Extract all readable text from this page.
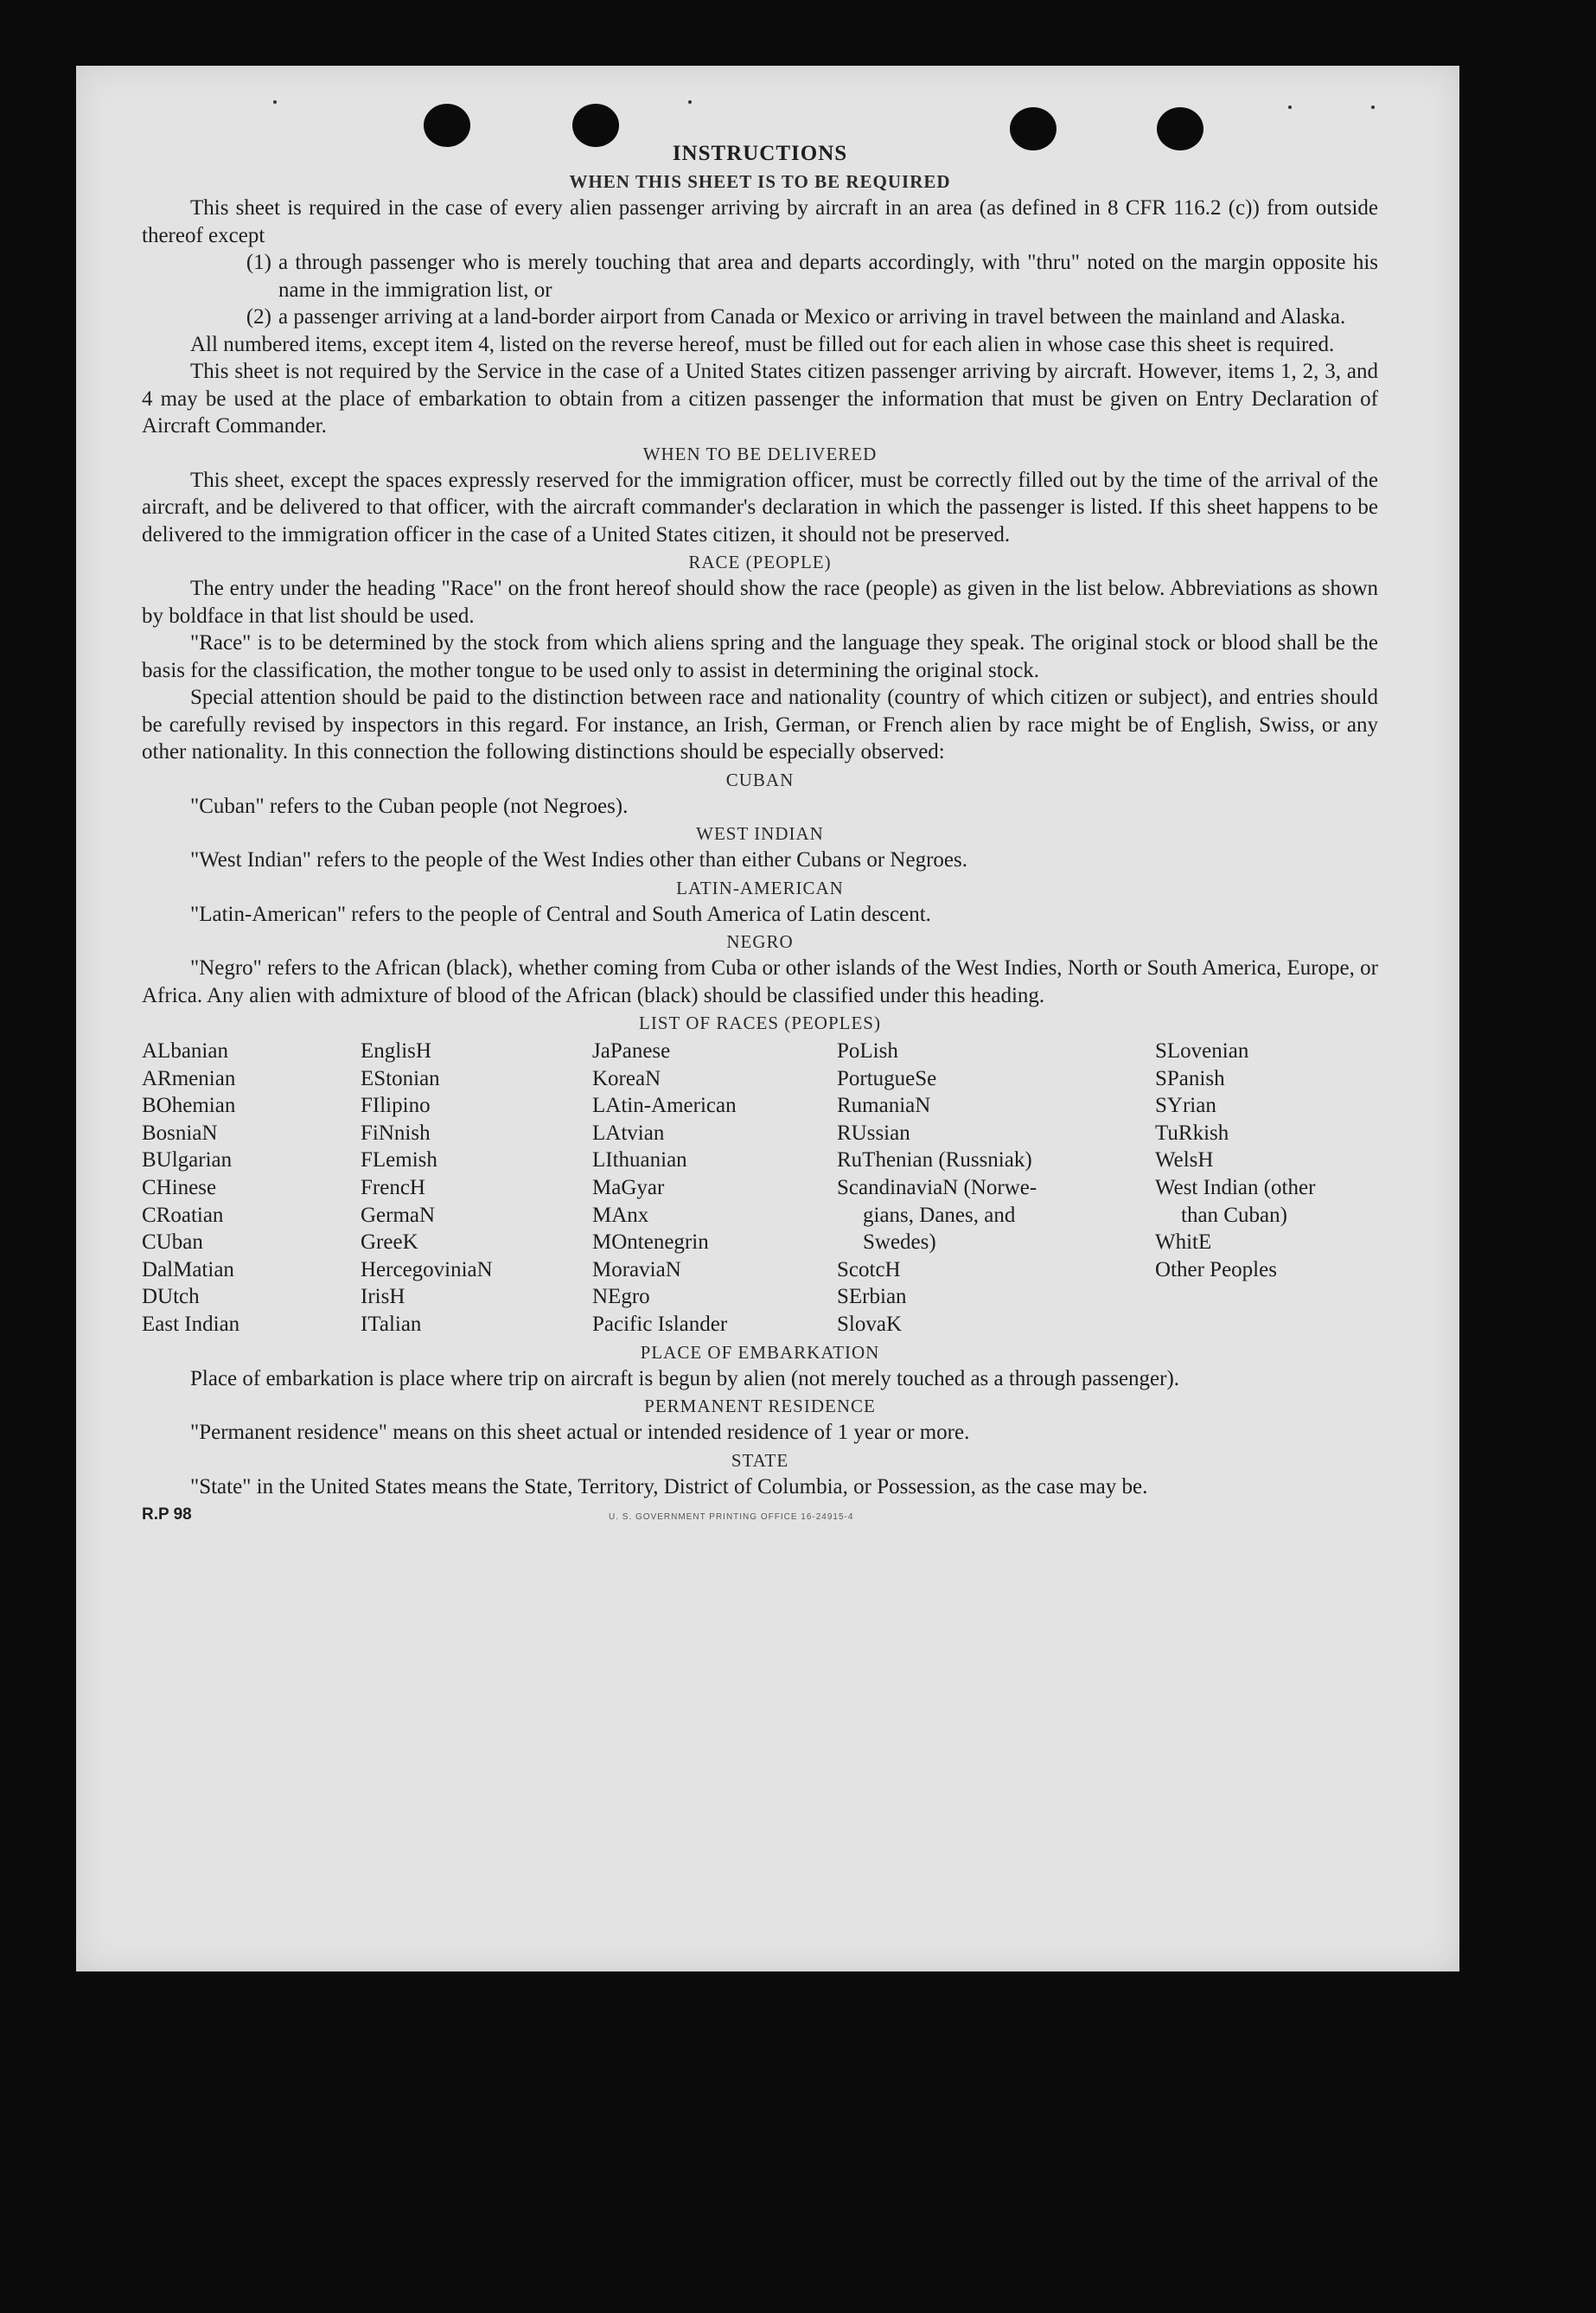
INSTRUCTIONS
WHEN THIS SHEET IS TO BE REQUIRED
This sheet is required in the case of every alien passenger arriving by aircraft in an area (as defined in 8 CFR 116.2 (c)) from outside thereof except
(1) a through passenger who is merely touching that area and departs accordingly, with "thru" noted on the margin opposite his name in the immigration list, or
(2) a passenger arriving at a land-border airport from Canada or Mexico or arriving in travel between the mainland and Alaska.
All numbered items, except item 4, listed on the reverse hereof, must be filled out for each alien in whose case this sheet is required.
This sheet is not required by the Service in the case of a United States citizen passenger arriving by aircraft. However, items 1, 2, 3, and 4 may be used at the place of embarkation to obtain from a citizen passenger the information that must be given on Entry Declaration of Aircraft Commander.
WHEN TO BE DELIVERED
This sheet, except the spaces expressly reserved for the immigration officer, must be correctly filled out by the time of the arrival of the aircraft, and be delivered to that officer, with the aircraft commander's declaration in which the passenger is listed. If this sheet happens to be delivered to the immigration officer in the case of a United States citizen, it should not be preserved.
RACE (PEOPLE)
The entry under the heading "Race" on the front hereof should show the race (people) as given in the list below. Abbreviations as shown by boldface in that list should be used.
"Race" is to be determined by the stock from which aliens spring and the language they speak. The original stock or blood shall be the basis for the classification, the mother tongue to be used only to assist in determining the original stock.
Special attention should be paid to the distinction between race and nationality (country of which citizen or subject), and entries should be carefully revised by inspectors in this regard. For instance, an Irish, German, or French alien by race might be of English, Swiss, or any other nationality. In this connection the following distinctions should be especially observed:
CUBAN
"Cuban" refers to the Cuban people (not Negroes).
WEST INDIAN
"West Indian" refers to the people of the West Indies other than either Cubans or Negroes.
LATIN-AMERICAN
"Latin-American" refers to the people of Central and South America of Latin descent.
NEGRO
"Negro" refers to the African (black), whether coming from Cuba or other islands of the West Indies, North or South America, Europe, or Africa. Any alien with admixture of blood of the African (black) should be classified under this heading.
LIST OF RACES (PEOPLES)
ALbanian
ARmenian
BOhemian
BosniaN
BUlgarian
CHinese
CRoatian
CUban
DalMatian
DUtch
East Indian
EnglisH
EStonian
FIlipino
FiNnish
FLemish
FrencH
GermaN
GreeK
HercegoviniaN
IrisH
ITalian
JaPanese
KoreaN
LAtin-American
LAtvian
LIthuanian
MaGyar
MAnx
MOntenegrin
MoraviaN
NEgro
Pacific Islander
PoLish
PortugueSe
RumaniaN
RUssian
RuThenian (Russniak)
ScandinaviaN (Norwe-
gians, Danes, and
Swedes)
ScotcH
SErbian
SlovaK
SLovenian
SPanish
SYrian
TuRkish
WelsH
West Indian (other
than Cuban)
WhitE
Other Peoples
PLACE OF EMBARKATION
Place of embarkation is place where trip on aircraft is begun by alien (not merely touched as a through passenger).
PERMANENT RESIDENCE
"Permanent residence" means on this sheet actual or intended residence of 1 year or more.
STATE
"State" in the United States means the State, Territory, District of Columbia, or Possession, as the case may be.
R.P 98	U. S. GOVERNMENT PRINTING OFFICE 16-24915-4
